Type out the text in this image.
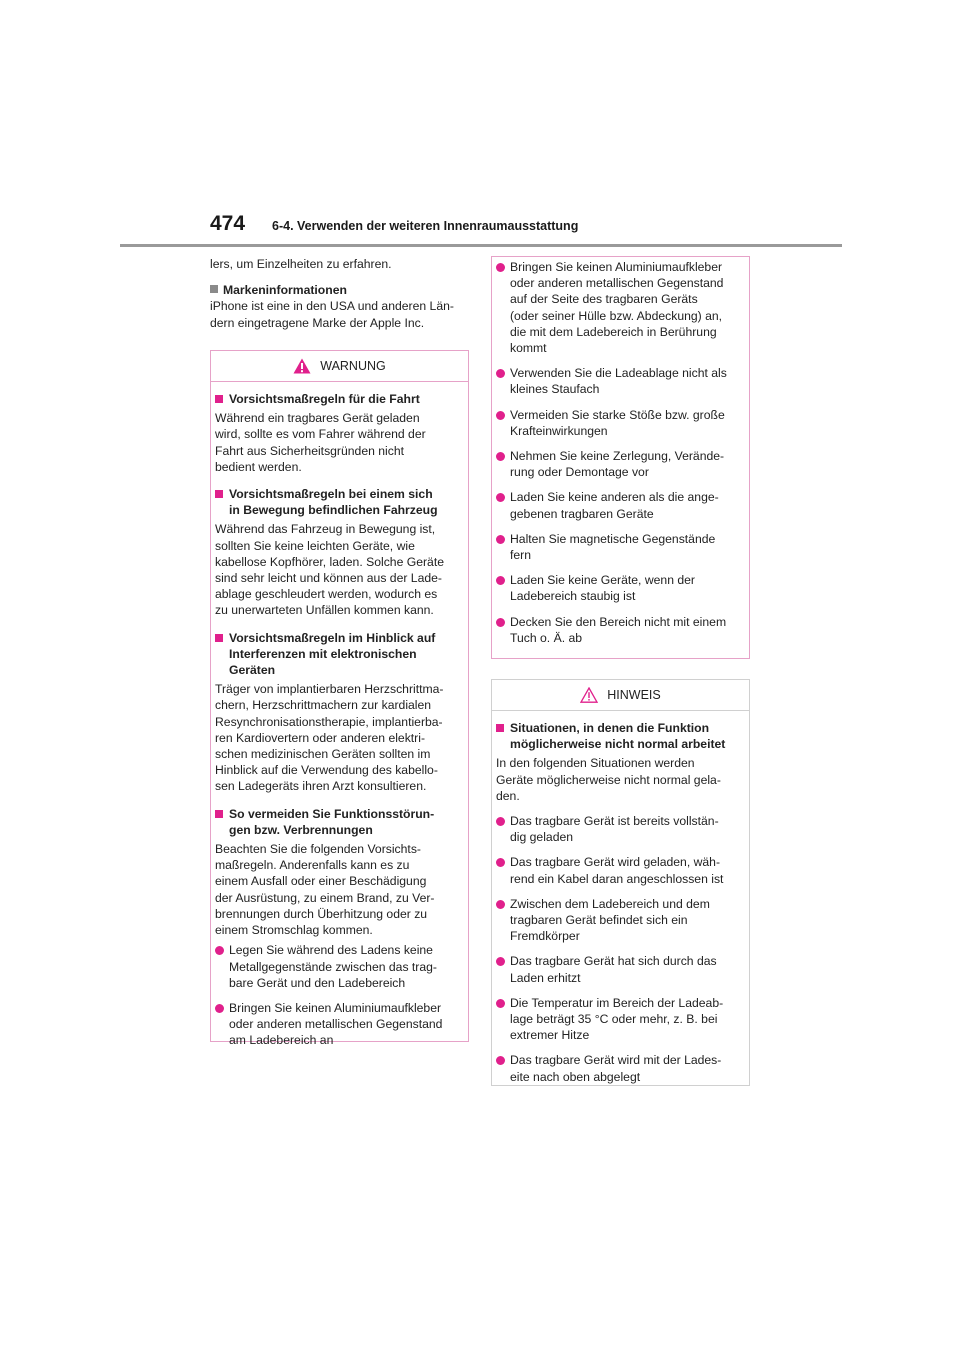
474 6-4. Verwenden der weiteren Innenraumausstattung

lers, um Einzelheiten zu erfahren.

Markeninformationen

iPhone ist eine in den USA und anderen Län-
dern eingetragene Marke der Apple Inc.

WARNUNG
Vorsichtsmaßregeln für die Fahrt
Während ein tragbares Gerät geladen
wird, sollte es vom Fahrer während der
Fahrt aus Sicherheitsgründen nicht
bedient werden.
Vorsichtsmaßregeln bei einem sich
in Bewegung befindlichen Fahrzeug
Während das Fahrzeug in Bewegung ist,
sollten Sie keine leichten Geräte, wie
kabellose Kopfhörer, laden. Solche Geräte
sind sehr leicht und können aus der Lade-
ablage geschleudert werden, wodurch es
zu unerwarteten Unfällen kommen kann.
Vorsichtsmaßregeln im Hinblick auf
Interferenzen mit elektronischen
Geräten
Träger von implantierbaren Herzschrittma-
chern, Herzschrittmachern zur kardialen
Resynchronisationstherapie, implantierba-
ren Kardiovertern oder anderen elektri-
schen medizinischen Geräten sollten im
Hinblick auf die Verwendung des kabello-
sen Ladegeräts ihren Arzt konsultieren.
So vermeiden Sie Funktionsstörun-
gen bzw. Verbrennungen
Beachten Sie die folgenden Vorsichts-
maßregeln. Anderenfalls kann es zu
einem Ausfall oder einer Beschädigung
der Ausrüstung, zu einem Brand, zu Ver-
brennungen durch Überhitzung oder zu
einem Stromschlag kommen.
Legen Sie während des Ladens keine
Metallgegenstände zwischen das trag-
bare Gerät und den Ladebereich
Bringen Sie keinen Aluminiumaufkleber
oder anderen metallischen Gegenstand
am Ladebereich an
Bringen Sie keinen Aluminiumaufkleber
oder anderen metallischen Gegenstand
auf der Seite des tragbaren Geräts
(oder seiner Hülle bzw. Abdeckung) an,
die mit dem Ladebereich in Berührung
kommt
Verwenden Sie die Ladeablage nicht als
kleines Staufach
Vermeiden Sie starke Stöße bzw. große
Krafteinwirkungen
Nehmen Sie keine Zerlegung, Verände-
rung oder Demontage vor
Laden Sie keine anderen als die ange-
gebenen tragbaren Geräte
Halten Sie magnetische Gegenstände
fern
Laden Sie keine Geräte, wenn der
Ladebereich staubig ist
Decken Sie den Bereich nicht mit einem
Tuch o. Ä. ab
HINWEIS
Situationen, in denen die Funktion
möglicherweise nicht normal arbeitet
In den folgenden Situationen werden
Geräte möglicherweise nicht normal gela-
den.
Das tragbare Gerät ist bereits vollstän-
dig geladen
Das tragbare Gerät wird geladen, wäh-
rend ein Kabel daran angeschlossen ist
Zwischen dem Ladebereich und dem
tragbaren Gerät befindet sich ein
Fremdkörper
Das tragbare Gerät hat sich durch das
Laden erhitzt
Die Temperatur im Bereich der Ladeab-
lage beträgt 35 °C oder mehr, z. B. bei
extremer Hitze
Das tragbare Gerät wird mit der Lades-
eite nach oben abgelegt
